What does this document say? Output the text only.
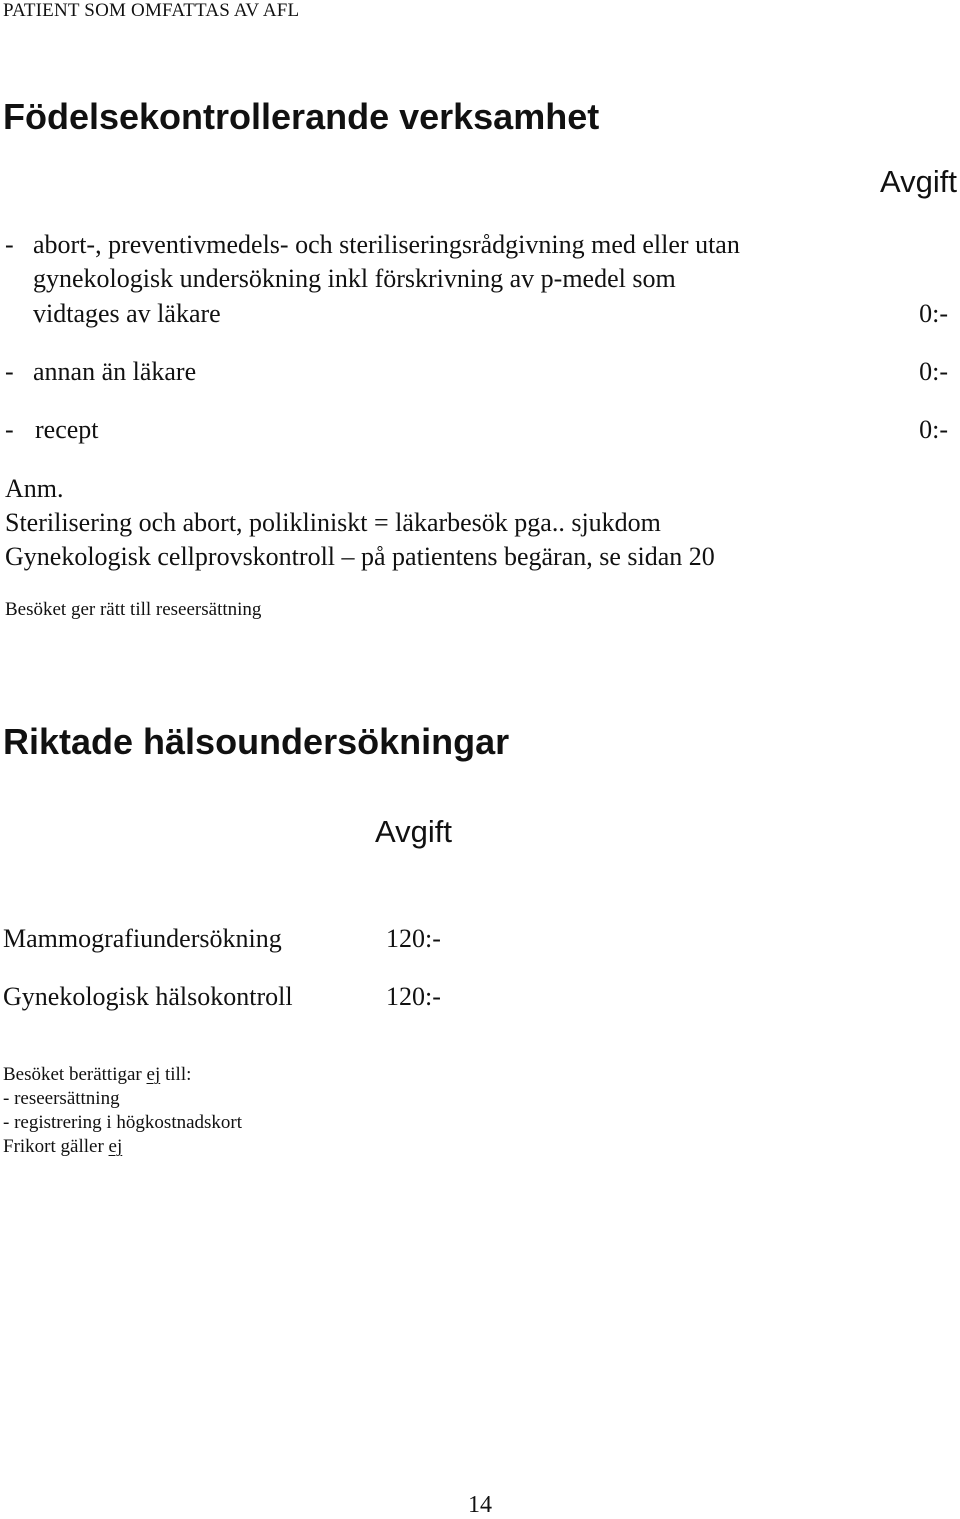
PATIENT SOM OMFATTAS AV AFL
Födelsekontrollerande verksamhet
Avgift
- abort-, preventivmedels- och steriliseringsrådgivning med eller utan
gynekologisk undersökning inkl förskrivning av p-medel som
vidtages av läkare	0:-
- annan än läkare	0:-
- recept	0:-
Anm.
Sterilisering och abort, polikliniskt = läkarbesök pga.. sjukdom
Gynekologisk cellprovskontroll – på patientens begäran, se sidan 20
Besöket ger rätt till reseersättning
Riktade hälsoundersökningar
Avgift
Mammografiundersökning	120:-
Gynekologisk hälsokontroll	120:-
Besöket berättigar ej till:
- reseersättning
- registrering i högkostnadskort
Frikort gäller ej
14
